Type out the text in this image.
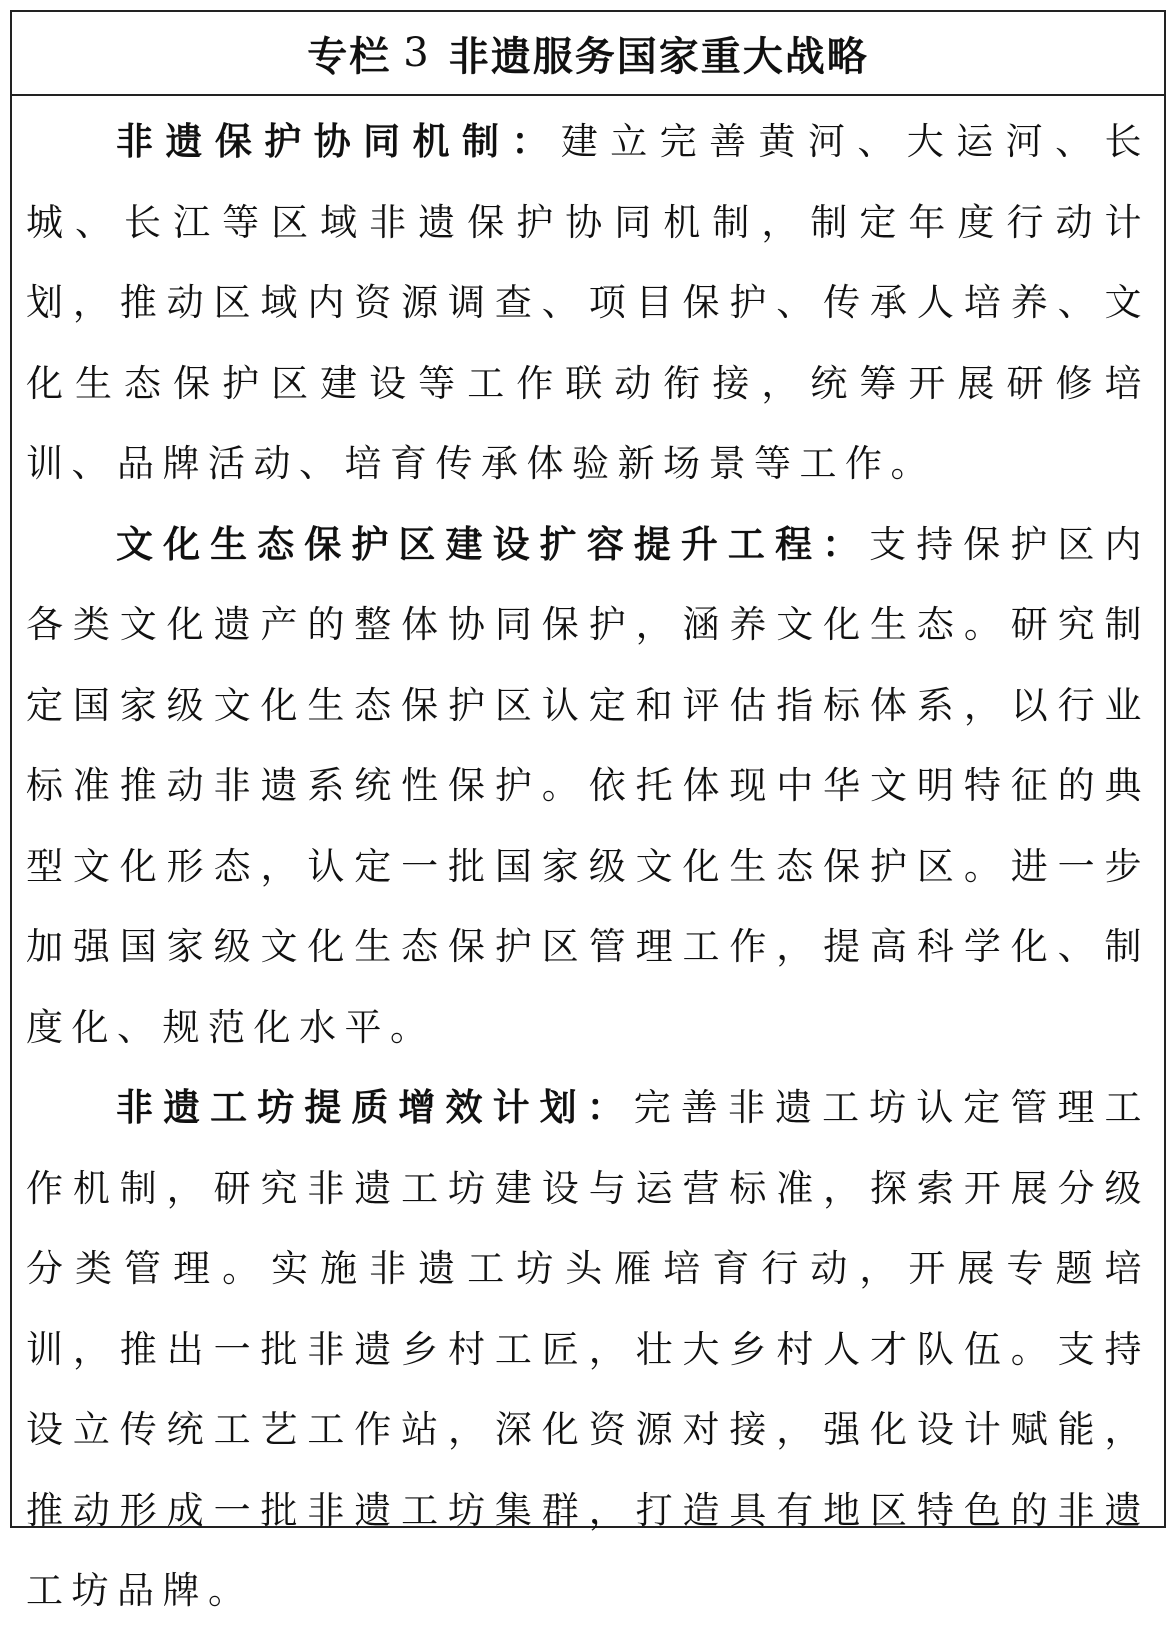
专栏 3 非遗服务国家重大战略

非遗保护协同机制：建立完善黄河、大运河、长城、长江等区域非遗保护协同机制，制定年度行动计划，推动区域内资源调查、项目保护、传承人培养、文化生态保护区建设等工作联动衔接，统筹开展研修培训、品牌活动、培育传承体验新场景等工作。

文化生态保护区建设扩容提升工程：支持保护区内各类文化遗产的整体协同保护，涵养文化生态。研究制定国家级文化生态保护区认定和评估指标体系，以行业标准推动非遗系统性保护。依托体现中华文明特征的典型文化形态，认定一批国家级文化生态保护区。进一步加强国家级文化生态保护区管理工作，提高科学化、制度化、规范化水平。

非遗工坊提质增效计划：完善非遗工坊认定管理工作机制，研究非遗工坊建设与运营标准，探索开展分级分类管理。实施非遗工坊头雁培育行动，开展专题培训，推出一批非遗乡村工匠，壮大乡村人才队伍。支持设立传统工艺工作站，深化资源对接，强化设计赋能，推动形成一批非遗工坊集群，打造具有地区特色的非遗工坊品牌。
